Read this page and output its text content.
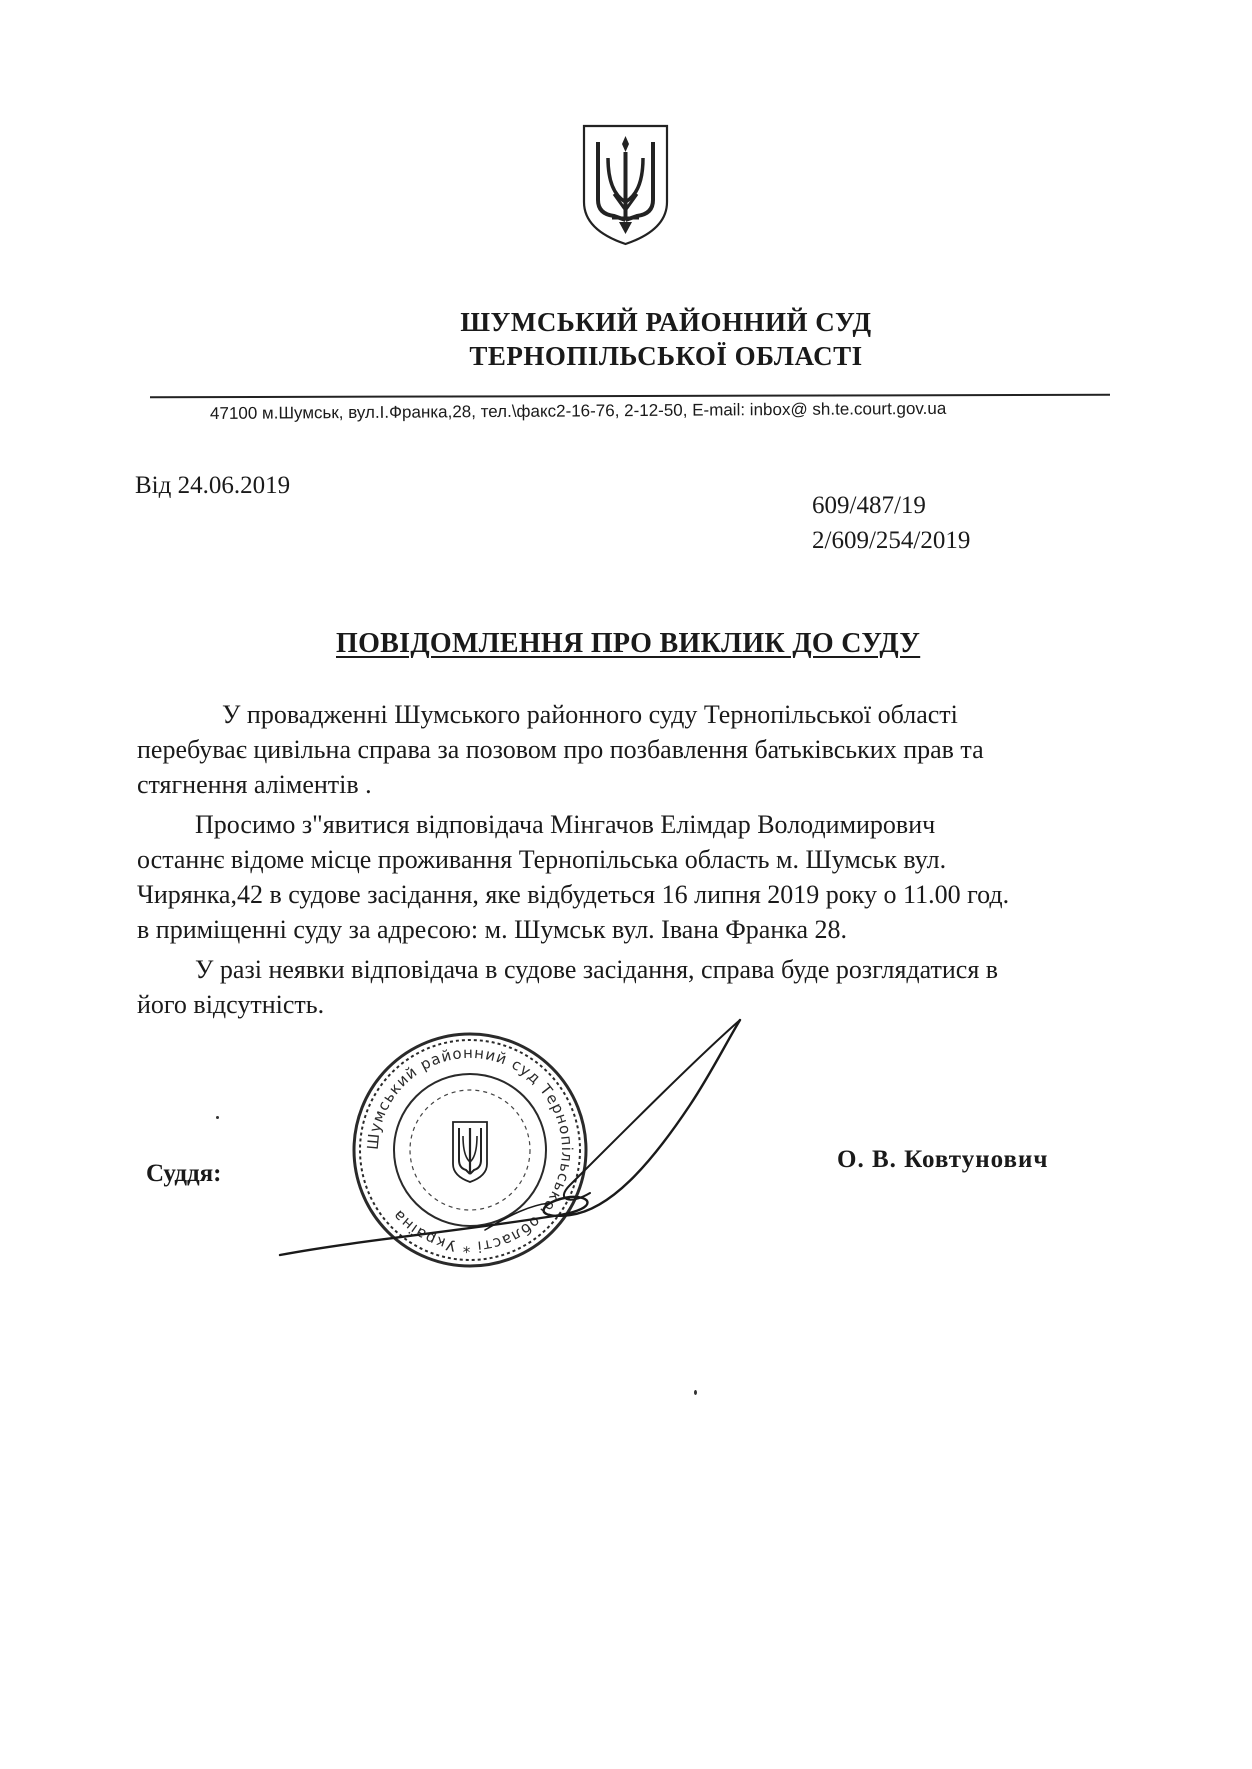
ШУМСЬКИЙ РАЙОННИЙ СУД
ТЕРНОПІЛЬСЬКОЇ ОБЛАСТІ
47100 м.Шумськ, вул.І.Франка,28, тел.\факс2-16-76, 2-12-50, E-mail: inbox@ sh.te.court.gov.ua
Від 24.06.2019
609/487/19
2/609/254/2019
ПОВІДОМЛЕННЯ ПРО ВИКЛИК ДО СУДУ
У провадженні Шумського районного суду Тернопільської області
перебуває цивільна справа за позовом про позбавлення батьківських прав та
стягнення аліментів .
Просимо з"явитися відповідача Мінгачов Елімдар Володимирович
останнє відоме місце проживання Тернопільська область м. Шумськ вул.
Чирянка,42 в судове засідання, яке відбудеться 16 липня 2019 року о 11.00 год.
в приміщенні суду за адресою: м. Шумськ вул. Івана Франка 28.
У разі неявки відповідача в судове засідання, справа буде розглядатися в
його відсутність.
Шумський районний суд Тернопільської області * Україна
Суддя:
О. В. Ковтунович
